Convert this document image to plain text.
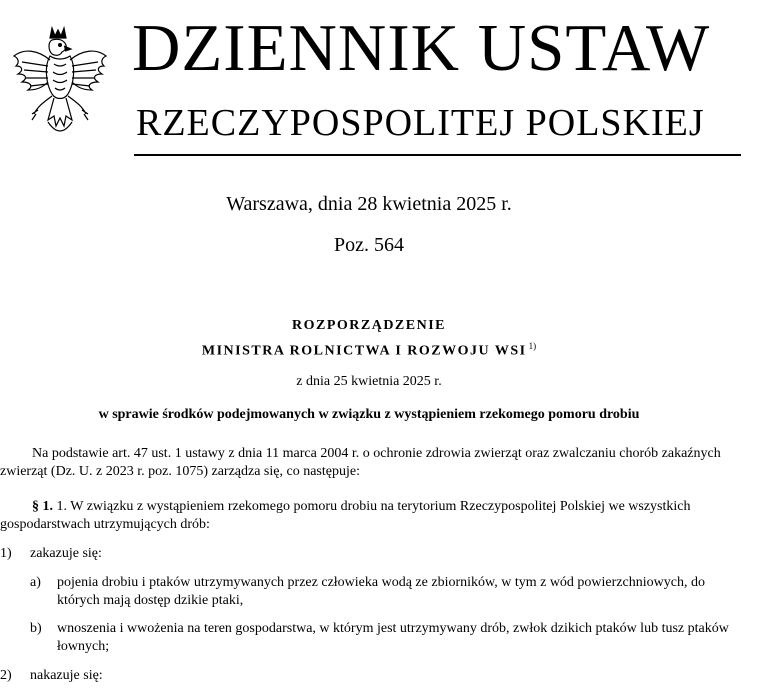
DZIENNIK USTAW
RZECZYPOSPOLITEJ POLSKIEJ
Warszawa, dnia 28 kwietnia 2025 r.
Poz. 564
ROZPORZĄDZENIE
MINISTRA ROLNICTWA I ROZWOJU WSI $^{1)}$
z dnia 25 kwietnia 2025 r.
w sprawie środków podejmowanych w związku z wystąpieniem rzekomego pomoru drobiu
Na podstawie art. 47 ust. 1 ustawy z dnia 11 marca 2004 r. o ochronie zdrowia zwierząt oraz zwalczaniu chorób zakaźnych zwierząt (Dz. U. z 2023 r. poz. 1075) zarządza się, co następuje:
§ 1. 1. W związku z wystąpieniem rzekomego pomoru drobiu na terytorium Rzeczypospolitej Polskiej we wszystkich gospodarstwach utrzymujących drób:
1) zakazuje się:
a) pojenia drobiu i ptaków utrzymywanych przez człowieka wodą ze zbiorników, w tym z wód powierzchniowych, do których mają dostęp dzikie ptaki,
b) wnoszenia i wwożenia na teren gospodarstwa, w którym jest utrzymywany drób, zwłok dzikich ptaków lub tusz ptaków łownych;
2) nakazuje się:
